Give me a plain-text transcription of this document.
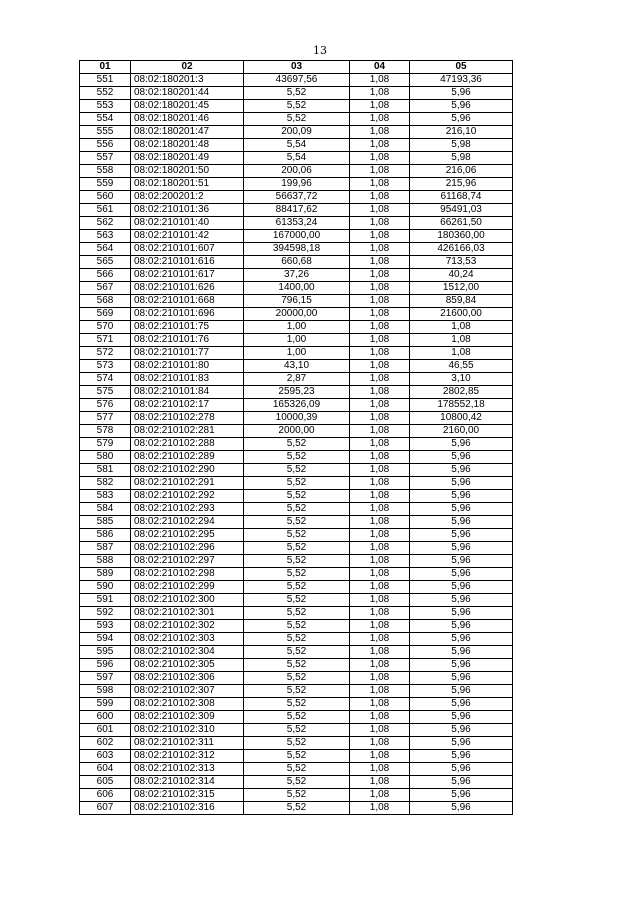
13
01	02	03	04	05
551	08:02:180201:3	43697,56	1,08	47193,36
552	08:02:180201:44	5,52	1,08	5,96
553	08:02:180201:45	5,52	1,08	5,96
554	08:02:180201:46	5,52	1,08	5,96
555	08:02:180201:47	200,09	1,08	216,10
556	08:02:180201:48	5,54	1,08	5,98
557	08:02:180201:49	5,54	1,08	5,98
558	08:02:180201:50	200,06	1,08	216,06
559	08:02:180201:51	199,96	1,08	215,96
560	08:02:200201:2	56637,72	1,08	61168,74
561	08:02:210101:36	88417,62	1,08	95491,03
562	08:02:210101:40	61353,24	1,08	66261,50
563	08:02:210101:42	167000,00	1,08	180360,00
564	08:02:210101:607	394598,18	1,08	426166,03
565	08:02:210101:616	660,68	1,08	713,53
566	08:02:210101:617	37,26	1,08	40,24
567	08:02:210101:626	1400,00	1,08	1512,00
568	08:02:210101:668	796,15	1,08	859,84
569	08:02:210101:696	20000,00	1,08	21600,00
570	08:02:210101:75	1,00	1,08	1,08
571	08:02:210101:76	1,00	1,08	1,08
572	08:02:210101:77	1,00	1,08	1,08
573	08:02:210101:80	43,10	1,08	46,55
574	08:02:210101:83	2,87	1,08	3,10
575	08:02:210101:84	2595,23	1,08	2802,85
576	08:02:210102:17	165326,09	1,08	178552,18
577	08:02:210102:278	10000,39	1,08	10800,42
578	08:02:210102:281	2000,00	1,08	2160,00
579	08:02:210102:288	5,52	1,08	5,96
580	08:02:210102:289	5,52	1,08	5,96
581	08:02:210102:290	5,52	1,08	5,96
582	08:02:210102:291	5,52	1,08	5,96
583	08:02:210102:292	5,52	1,08	5,96
584	08:02:210102:293	5,52	1,08	5,96
585	08:02:210102:294	5,52	1,08	5,96
586	08:02:210102:295	5,52	1,08	5,96
587	08:02:210102:296	5,52	1,08	5,96
588	08:02:210102:297	5,52	1,08	5,96
589	08:02:210102:298	5,52	1,08	5,96
590	08:02:210102:299	5,52	1,08	5,96
591	08:02:210102:300	5,52	1,08	5,96
592	08:02:210102:301	5,52	1,08	5,96
593	08:02:210102:302	5,52	1,08	5,96
594	08:02:210102:303	5,52	1,08	5,96
595	08:02:210102:304	5,52	1,08	5,96
596	08:02:210102:305	5,52	1,08	5,96
597	08:02:210102:306	5,52	1,08	5,96
598	08:02:210102:307	5,52	1,08	5,96
599	08:02:210102:308	5,52	1,08	5,96
600	08:02:210102:309	5,52	1,08	5,96
601	08:02:210102:310	5,52	1,08	5,96
602	08:02:210102:311	5,52	1,08	5,96
603	08:02:210102:312	5,52	1,08	5,96
604	08:02:210102:313	5,52	1,08	5,96
605	08:02:210102:314	5,52	1,08	5,96
606	08:02:210102:315	5,52	1,08	5,96
607	08:02:210102:316	5,52	1,08	5,96
